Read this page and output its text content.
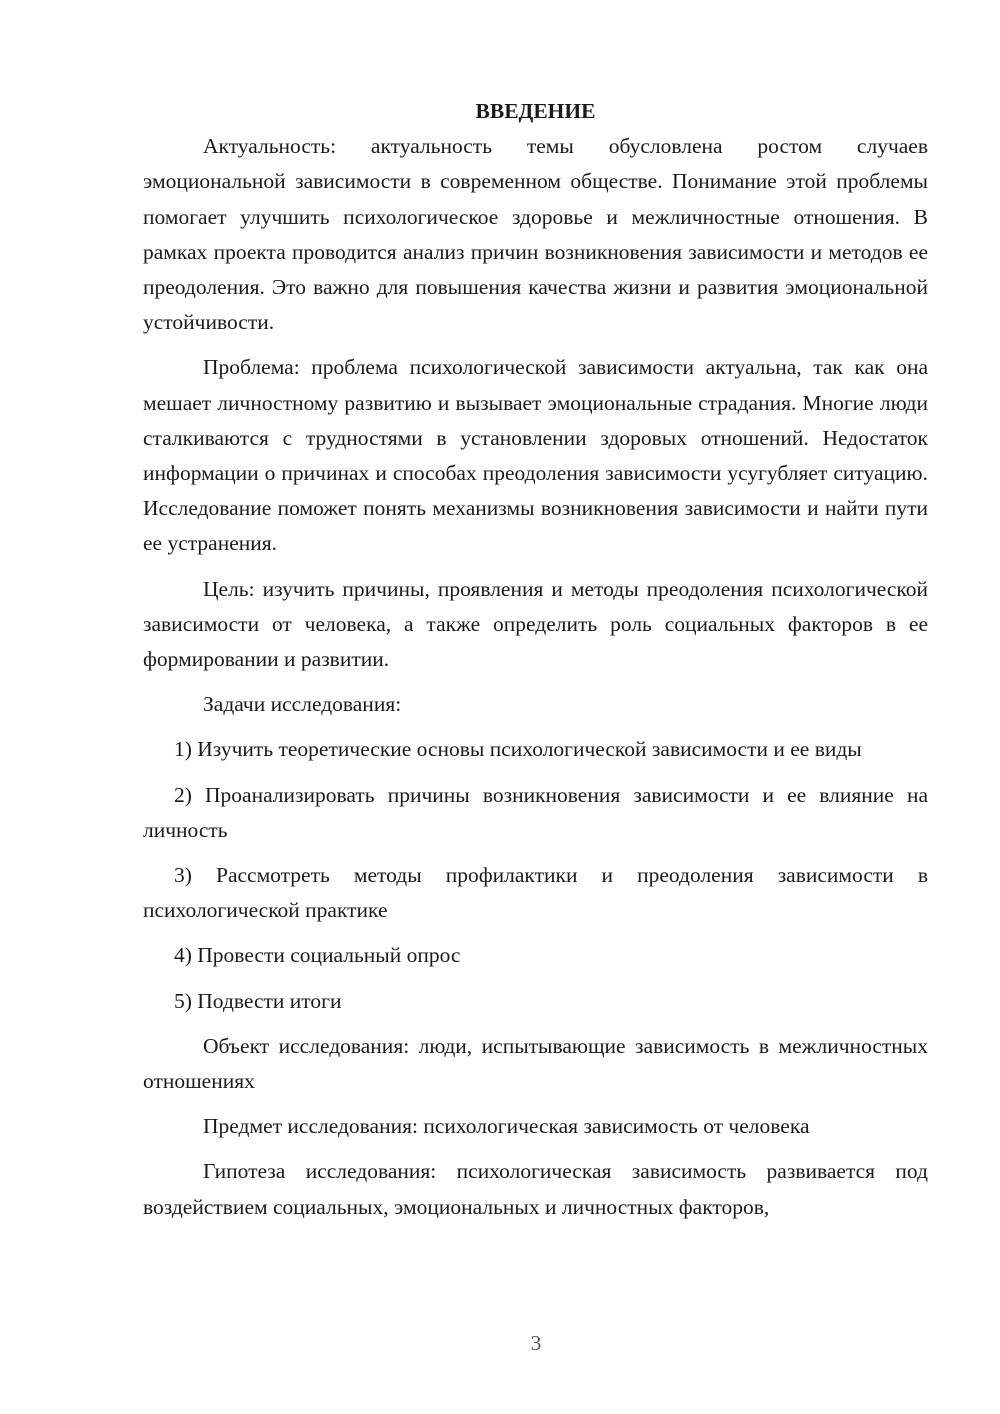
ВВЕДЕНИЕ

Актуальность: актуальность темы обусловлена ростом случаев эмоциональной зависимости в современном обществе. Понимание этой проблемы помогает улучшить психологическое здоровье и межличностные отношения. В рамках проекта проводится анализ причин возникновения зависимости и методов ее преодоления. Это важно для повышения качества жизни и развития эмоциональной устойчивости.

Проблема: проблема психологической зависимости актуальна, так как она мешает личностному развитию и вызывает эмоциональные страдания. Многие люди сталкиваются с трудностями в установлении здоровых отношений. Недостаток информации о причинах и способах преодоления зависимости усугубляет ситуацию. Исследование поможет понять механизмы возникновения зависимости и найти пути ее устранения.

Цель: изучить причины, проявления и методы преодоления психологической зависимости от человека, а также определить роль социальных факторов в ее формировании и развитии.

Задачи исследования:

1) Изучить теоретические основы психологической зависимости и ее виды

2) Проанализировать причины возникновения зависимости и ее влияние на личность

3) Рассмотреть методы профилактики и преодоления зависимости в психологической практике

4) Провести социальный опрос

5) Подвести итоги

Объект исследования: люди, испытывающие зависимость в межличностных отношениях

Предмет исследования: психологическая зависимость от человека

Гипотеза исследования: психологическая зависимость развивается под воздействием социальных, эмоциональных и личностных факторов,

3
